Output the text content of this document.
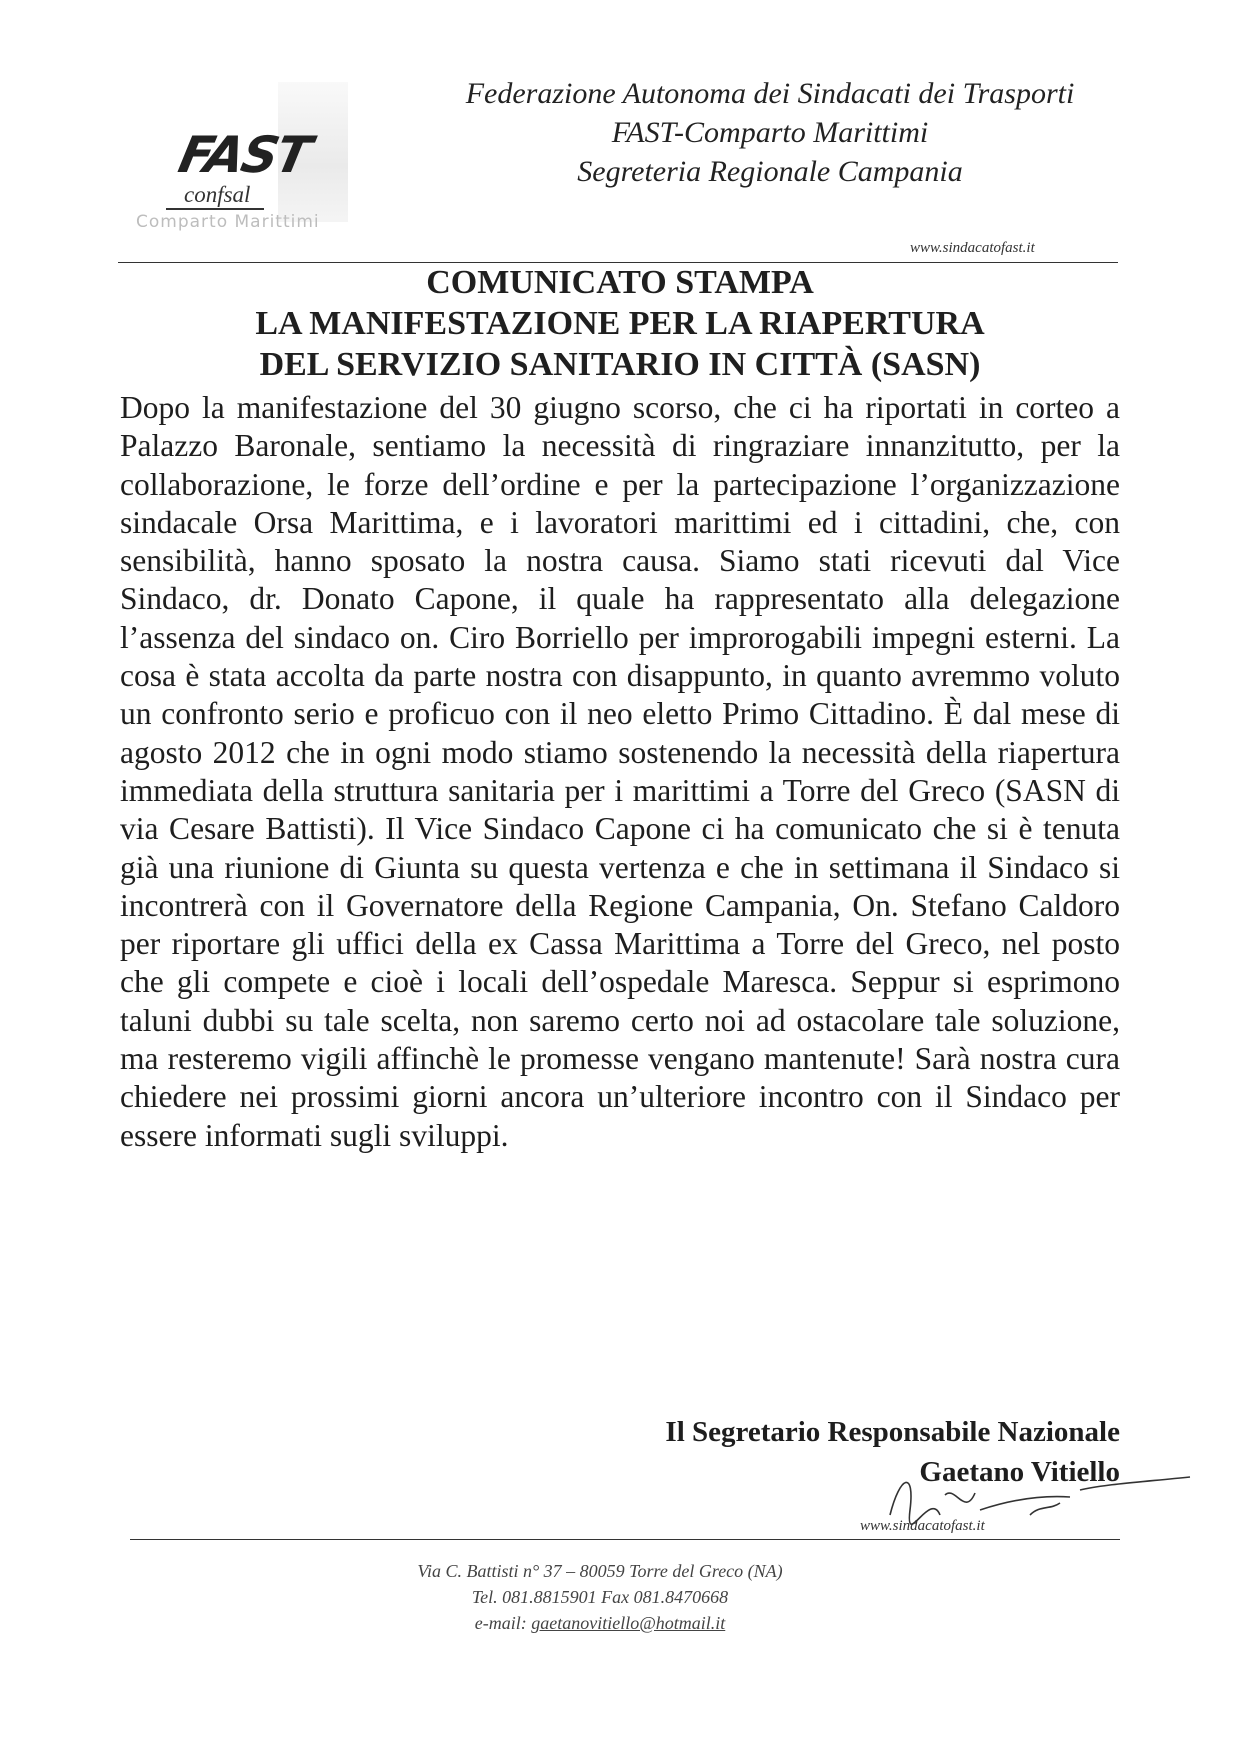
FAST
confsal
Comparto Marittimi
Federazione Autonoma dei Sindacati dei Trasporti
FAST-Comparto Marittimi
Segreteria Regionale Campania
www.sindacatofast.it
COMUNICATO STAMPA
LA MANIFESTAZIONE PER LA RIAPERTURA
DEL SERVIZIO SANITARIO IN CITTÀ (SASN)

Dopo la manifestazione del 30 giugno scorso, che ci ha riportati in corteo a Palazzo Baronale, sentiamo la necessità di ringraziare innanzitutto, per la collaborazione, le forze dell’ordine e per la partecipazione l’organizzazione sindacale Orsa Marittima, e i lavoratori marittimi ed i cittadini, che, con sensibilità, hanno sposato la nostra causa. Siamo stati ricevuti dal Vice Sindaco, dr. Donato Capone, il quale ha rappresentato alla delegazione l’assenza del sindaco on. Ciro Borriello per improrogabili impegni esterni. La cosa è stata accolta da parte nostra con disappunto, in quanto avremmo voluto un confronto serio e proficuo con il neo eletto Primo Cittadino. È dal mese di agosto 2012 che in ogni modo stiamo sostenendo la necessità della riapertura immediata della struttura sanitaria per i marittimi a Torre del Greco (SASN di via Cesare Battisti). Il Vice Sindaco Capone ci ha comunicato che si è tenuta già una riunione di Giunta su questa vertenza e che in settimana il Sindaco si incontrerà con il Governatore della Regione Campania, On. Stefano Caldoro per riportare gli uffici della ex Cassa Marittima a Torre del Greco, nel posto che gli compete e cioè i locali dell’ospedale Maresca. Seppur si esprimono taluni dubbi su tale scelta, non saremo certo noi ad ostacolare tale soluzione, ma resteremo vigili affinchè le promesse vengano mantenute! Sarà nostra cura chiedere nei prossimi giorni ancora un’ulteriore incontro con il Sindaco per essere informati sugli sviluppi.

Il Segretario Responsabile Nazionale
Gaetano Vitiello
www.sindacatofast.it
Via C. Battisti n° 37 – 80059 Torre del Greco (NA)
Tel. 081.8815901 Fax 081.8470668
e-mail: gaetanovitiello@hotmail.it
